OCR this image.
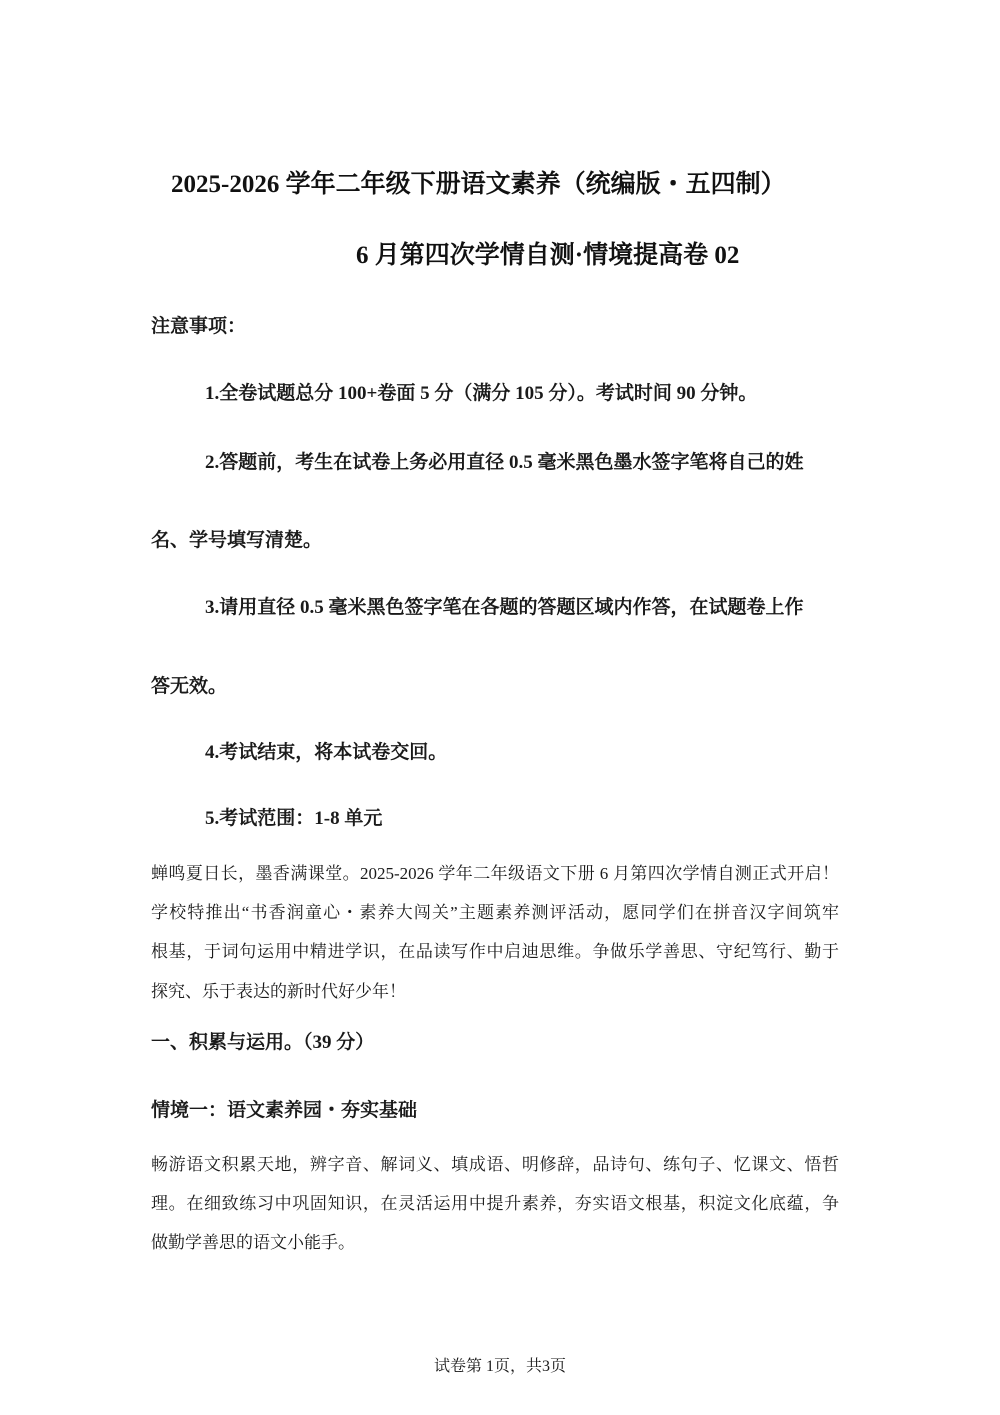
2025-2026 学年二年级下册语文素养（统编版・五四制）
6 月第四次学情自测·情境提高卷 02
注意事项：
1.全卷试题总分 100+卷面 5 分（满分 105 分）。考试时间 90 分钟。
2.答题前，考生在试卷上务必用直径 0.5 毫米黑色墨水签字笔将自己的姓
名、学号填写清楚。
3.请用直径 0.5 毫米黑色签字笔在各题的答题区域内作答，在试题卷上作
答无效。
4.考试结束，将本试卷交回。
5.考试范围：1-8 单元
蝉鸣夏日长，墨香满课堂。2025-2026 学年二年级语文下册 6 月第四次学情自测正式开启！
学校特推出“书香润童心・素养大闯关”主题素养测评活动，愿同学们在拼音汉字间筑牢
根基，于词句运用中精进学识，在品读写作中启迪思维。争做乐学善思、守纪笃行、勤于
探究、乐于表达的新时代好少年！
一、积累与运用。（39 分）
情境一：语文素养园・夯实基础
畅游语文积累天地，辨字音、解词义、填成语、明修辞，品诗句、练句子、忆课文、悟哲
理。在细致练习中巩固知识，在灵活运用中提升素养，夯实语文根基，积淀文化底蕴，争
做勤学善思的语文小能手。
试卷第 1页，共3页
